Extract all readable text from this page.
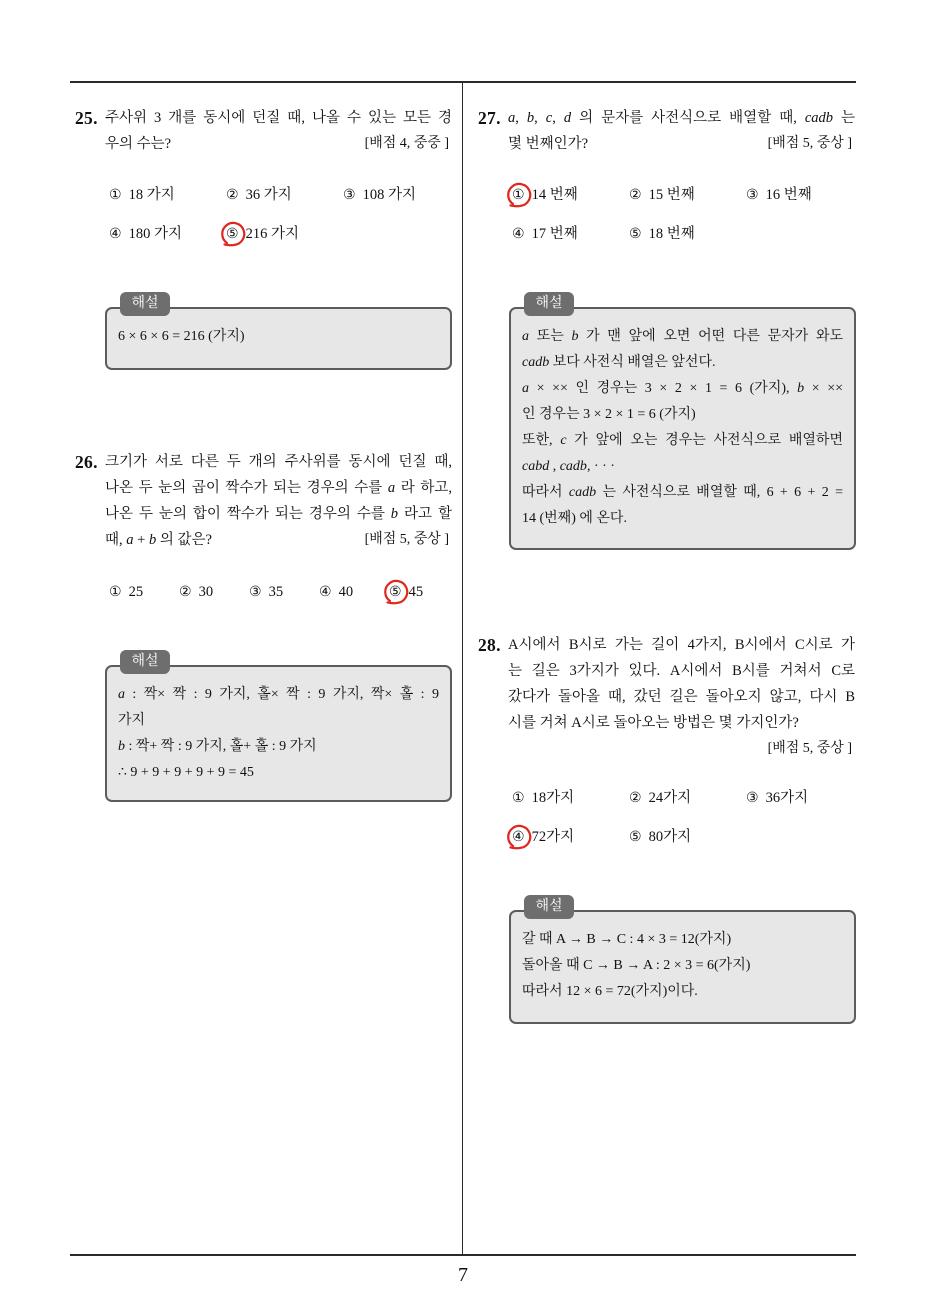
7
25. 주사위 3 개를 동시에 던질 때, 나올 수 있는 모든 경
우의 수는?	[배점 4, 중중 ]
① 18 가지	② 36 가지	③ 108 가지
④ 180 가지	⑤ 216 가지
해설
6 × 6 × 6 = 216 (가지)
26. 크기가 서로 다른 두 개의 주사위를 동시에 던질 때,
나온 두 눈의 곱이 짝수가 되는 경우의 수를 a 라 하고,
나온 두 눈의 합이 짝수가 되는 경우의 수를 b 라고 할
때, a + b 의 값은?	[배점 5, 중상 ]
① 25	② 30	③ 35	④ 40	⑤ 45
해설
a : 짝× 짝 : 9 가지, 홀× 짝 : 9 가지, 짝× 홀 : 9
가지
b : 짝+ 짝 : 9 가지, 홀+ 홀 : 9 가지
∴ 9 + 9 + 9 + 9 + 9 = 45
27. a, b, c, d 의 문자를 사전식으로 배열할 때, cadb 는
몇 번째인가?	[배점 5, 중상 ]
① 14 번째	② 15 번째	③ 16 번째
④ 17 번째	⑤ 18 번째
해설
a 또는 b 가 맨 앞에 오면 어떤 다른 문자가 와도
cadb 보다 사전식 배열은 앞선다.
a × ×× 인 경우는 3 × 2 × 1 = 6 (가지), b × ××
인 경우는 3 × 2 × 1 = 6 (가지)
또한, c 가 앞에 오는 경우는 사전식으로 배열하면
cabd , cadb, · · ·
따라서 cadb 는 사전식으로 배열할 때, 6 + 6 + 2 =
14 (번째) 에 온다.
28. A시에서 B시로 가는 길이 4가지, B시에서 C시로 가
는 길은 3가지가 있다. A시에서 B시를 거쳐서 C로
갔다가 돌아올 때, 갔던 길은 돌아오지 않고, 다시 B
시를 거쳐 A시로 돌아오는 방법은 몇 가지인가?
[배점 5, 중상 ]
① 18가지	② 24가지	③ 36가지
④ 72가지	⑤ 80가지
해설
갈 때 A → B → C : 4 × 3 = 12(가지)
돌아올 때 C → B → A : 2 × 3 = 6(가지)
따라서 12 × 6 = 72(가지)이다.
